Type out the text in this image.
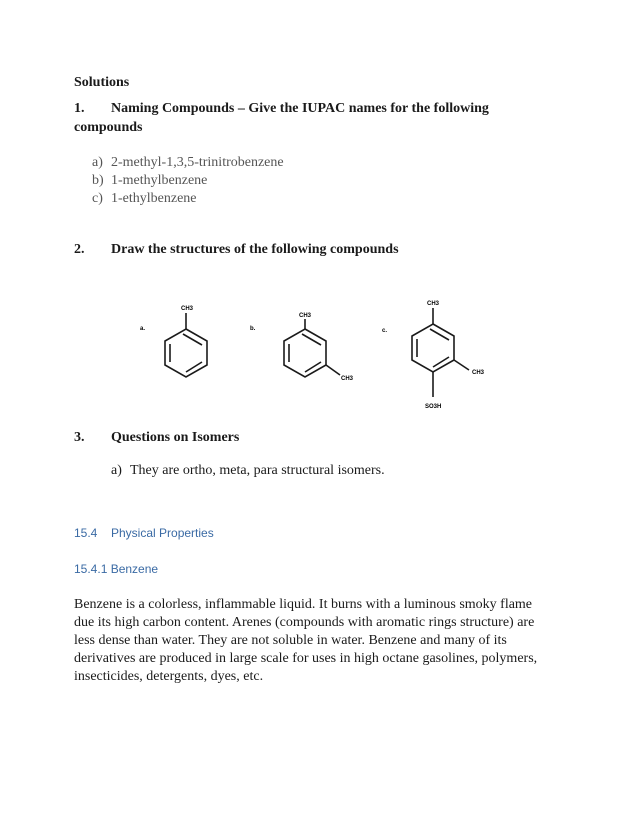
Solutions
1. Naming Compounds – Give the IUPAC names for the following
compounds
a) 2-methyl-1,3,5-trinitrobenzene
b) 1-methylbenzene
c) 1-ethylbenzene
2. Draw the structures of the following compounds
a.
CH3
b.
CH3
CH3
c.
CH3
CH3
SO3H
3. Questions on Isomers
a) They are ortho, meta, para structural isomers.
15.4 Physical Properties
15.4.1 Benzene
Benzene is a colorless, inflammable liquid. It burns with a luminous smoky flame
due its high carbon content. Arenes (compounds with aromatic rings structure) are
less dense than water. They are not soluble in water. Benzene and many of its
derivatives are produced in large scale for uses in high octane gasolines, polymers,
insecticides, detergents, dyes, etc.
